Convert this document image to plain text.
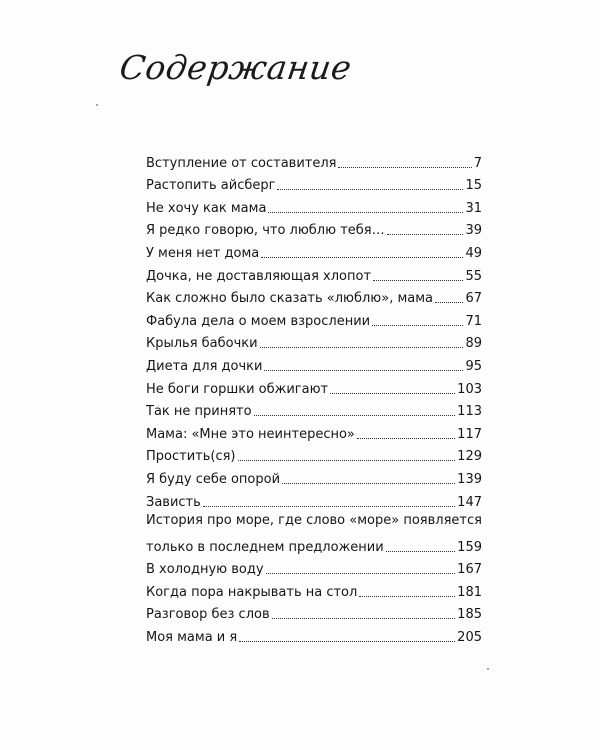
Содержание
Вступление от составителя	7
Растопить айсберг	15
Не хочу как мама	31
Я редко говорю, что люблю тебя…	39
У меня нет дома	49
Дочка, не доставляющая хлопот	55
Как сложно было сказать «люблю», мама 67
Фабула дела о моем взрослении	71
Крылья бабочки	89
Диета для дочки	95
Не боги горшки обжигают	103
Так не принято	113
Мама: «Мне это неинтересно»	117
Простить(ся)	129
Я буду себе опорой	139
Зависть	147
История про море, где слово «море» появляется
только в последнем предложении	159
В холодную воду	167
Когда пора накрывать на стол	181
Разговор без слов	185
Моя мама и я	205
